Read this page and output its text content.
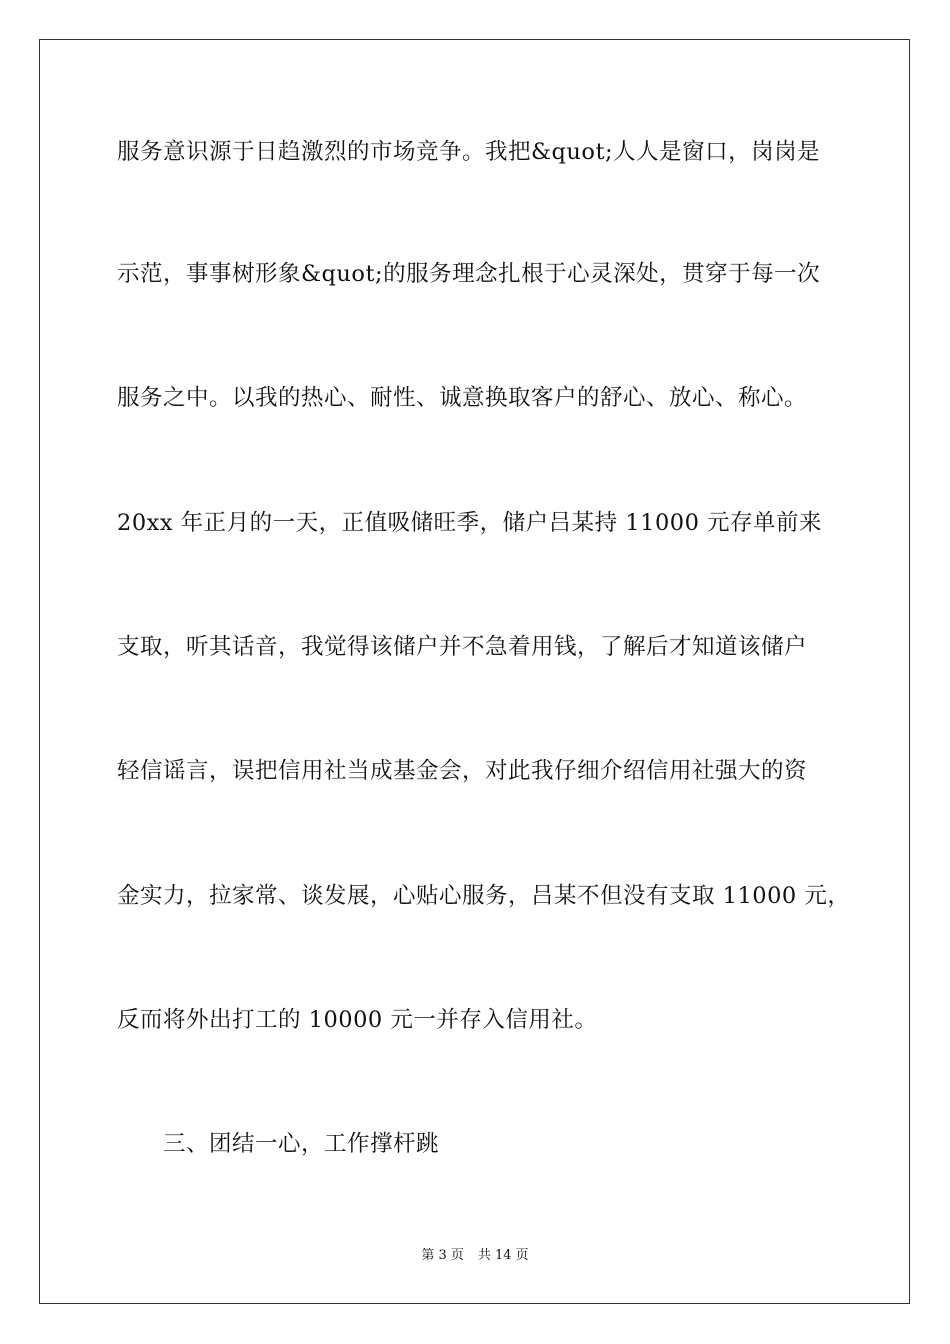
服务意识源于日趋激烈的市场竞争。我把&quot;人人是窗口，岗岗是
示范，事事树形象&quot;的服务理念扎根于心灵深处，贯穿于每一次
服务之中。以我的热心、耐性、诚意换取客户的舒心、放心、称心。
20xx 年正月的一天，正值吸储旺季，储户吕某持 11000 元存单前来
支取，听其话音，我觉得该储户并不急着用钱，了解后才知道该储户
轻信谣言，误把信用社当成基金会，对此我仔细介绍信用社强大的资
金实力，拉家常、谈发展，心贴心服务，吕某不但没有支取 11000 元，
反而将外出打工的 10000 元一并存入信用社。
三、团结一心，工作撑杆跳
第 3 页 共 14 页
